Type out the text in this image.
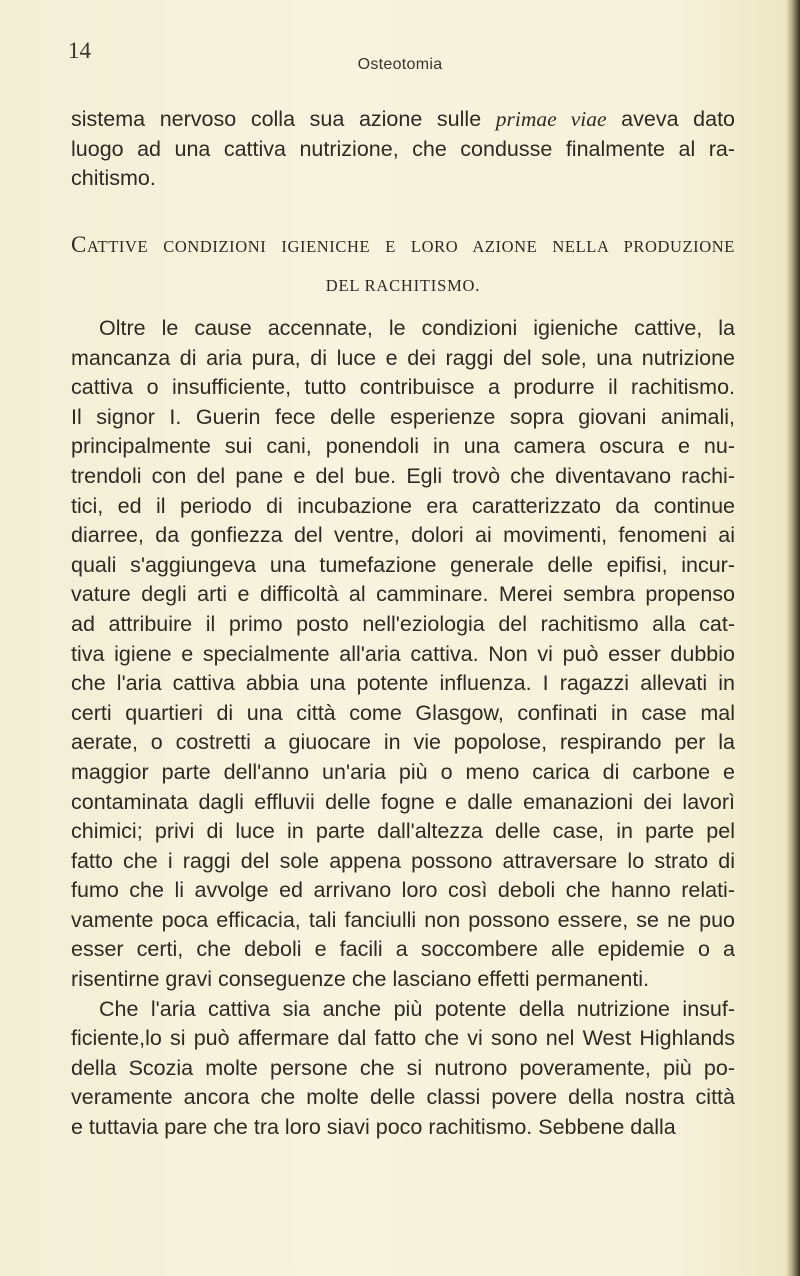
14
Osteotomia
sistema nervoso colla sua azione sulle primae viae aveva dato
luogo ad una cattiva nutrizione, che condusse finalmente al ra-
chitismo.
CATTIVE CONDIZIONI IGIENICHE E LORO AZIONE NELLA PRODUZIONE
DEL RACHITISMO.
Oltre le cause accennate, le condizioni igieniche cattive, la
mancanza di aria pura, di luce e dei raggi del sole, una nutrizione
cattiva o insufficiente, tutto contribuisce a produrre il rachitismo.
Il signor I. Guerin fece delle esperienze sopra giovani animali,
principalmente sui cani, ponendoli in una camera oscura e nu-
trendoli con del pane e del bue. Egli trovò che diventavano rachi-
tici, ed il periodo di incubazione era caratterizzato da continue
diarree, da gonfiezza del ventre, dolori ai movimenti, fenomeni ai
quali s'aggiungeva una tumefazione generale delle epifisi, incur-
vature degli arti e difficoltà al camminare. Merei sembra propenso
ad attribuire il primo posto nell'eziologia del rachitismo alla cat-
tiva igiene e specialmente all'aria cattiva. Non vi può esser dubbio
che l'aria cattiva abbia una potente influenza. I ragazzi allevati in
certi quartieri di una città come Glasgow, confinati in case mal
aerate, o costretti a giuocare in vie popolose, respirando per la
maggior parte dell'anno un'aria più o meno carica di carbone e
contaminata dagli effluvii delle fogne e dalle emanazioni dei lavorì
chimici; privi di luce in parte dall'altezza delle case, in parte pel
fatto che i raggi del sole appena possono attraversare lo strato di
fumo che li avvolge ed arrivano loro così deboli che hanno relati-
vamente poca efficacia, tali fanciulli non possono essere, se ne puo
esser certi, che deboli e facili a soccombere alle epidemie o a
risentirne gravi conseguenze che lasciano effetti permanenti.
Che l'aria cattiva sia anche più potente della nutrizione insuf-
ficiente,lo si può affermare dal fatto che vi sono nel West Highlands
della Scozia molte persone che si nutrono poveramente, più po-
veramente ancora che molte delle classi povere della nostra città
e tuttavia pare che tra loro siavi poco rachitismo. Sebbene dalla
